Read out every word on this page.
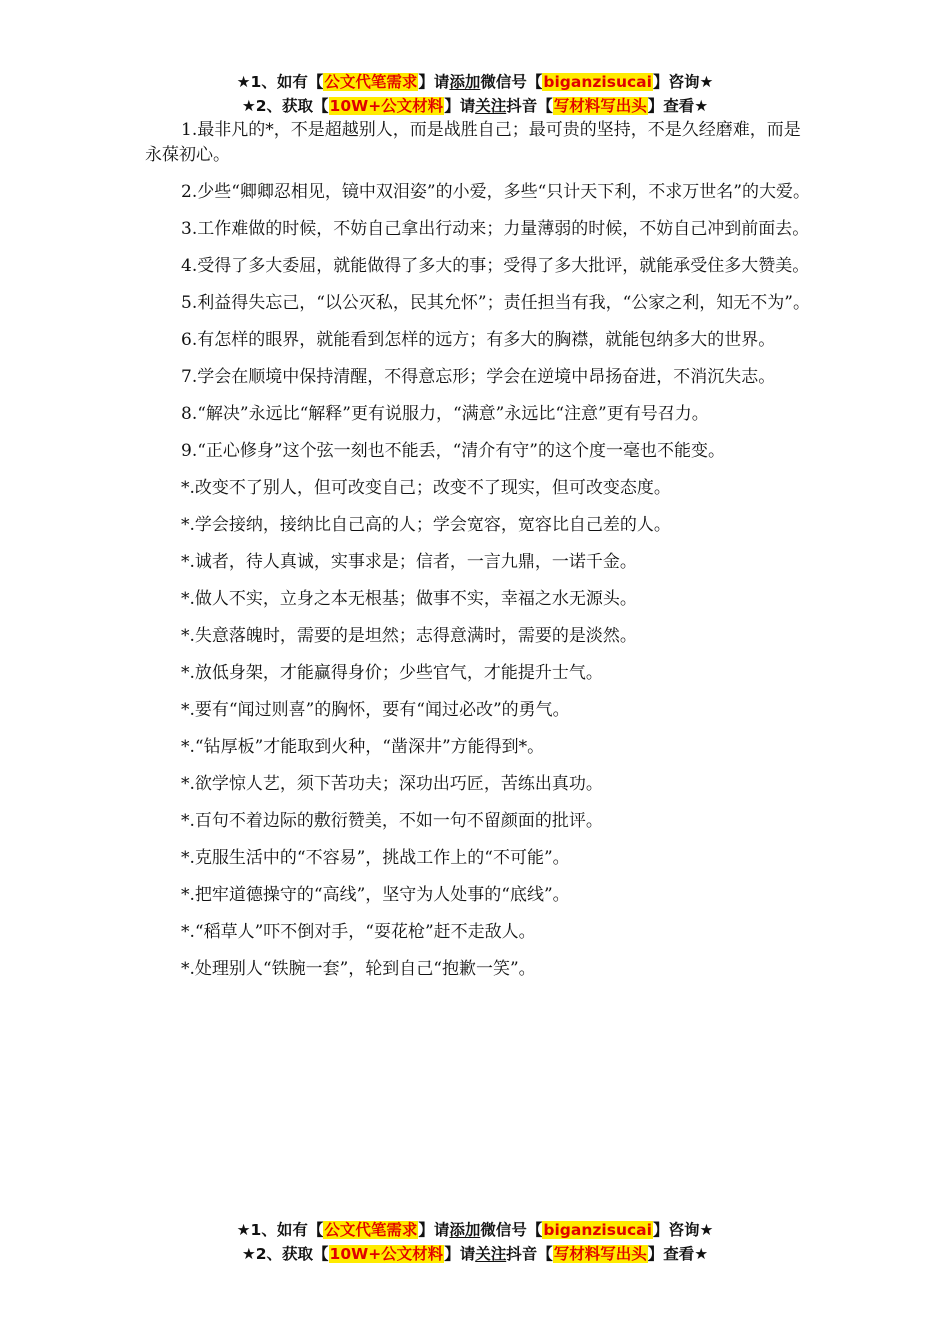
★1、如有【公文代笔需求】请添加微信号【biganzisucai】咨询★
★2、获取【10W+公文材料】请关注抖音【写材料写出头】查看★

1.最非凡的*，不是超越别人，而是战胜自己；最可贵的坚持，不是久经磨难，而是永葆初心。

2.少些“卿卿忍相见，镜中双泪姿”的小爱，多些“只计天下利，不求万世名”的大爱。

3.工作难做的时候，不妨自己拿出行动来；力量薄弱的时候，不妨自己冲到前面去。

4.受得了多大委屈，就能做得了多大的事；受得了多大批评，就能承受住多大赞美。

5.利益得失忘己，“以公灭私，民其允怀”；责任担当有我，“公家之利，知无不为”。

6.有怎样的眼界，就能看到怎样的远方；有多大的胸襟，就能包纳多大的世界。

7.学会在顺境中保持清醒，不得意忘形；学会在逆境中昂扬奋进，不消沉失志。

8.“解决”永远比“解释”更有说服力，“满意”永远比“注意”更有号召力。

9.“正心修身”这个弦一刻也不能丢，“清介有守”的这个度一毫也不能变。

*.改变不了别人，但可改变自己；改变不了现实，但可改变态度。

*.学会接纳，接纳比自己高的人；学会宽容，宽容比自己差的人。

*.诚者，待人真诚，实事求是；信者，一言九鼎，一诺千金。

*.做人不实，立身之本无根基；做事不实，幸福之水无源头。

*.失意落魄时，需要的是坦然；志得意满时，需要的是淡然。

*.放低身架，才能赢得身价；少些官气，才能提升士气。

*.要有“闻过则喜”的胸怀，要有“闻过必改”的勇气。

*.“钻厚板”才能取到火种，“凿深井”方能得到*。

*.欲学惊人艺，须下苦功夫；深功出巧匠，苦练出真功。

*.百句不着边际的敷衍赞美，不如一句不留颜面的批评。

*.克服生活中的“不容易”，挑战工作上的“不可能”。

*.把牢道德操守的“高线”，坚守为人处事的“底线”。

*.“稻草人”吓不倒对手，“耍花枪”赶不走敌人。

*.处理别人“铁腕一套”，轮到自己“抱歉一笑”。

★1、如有【公文代笔需求】请添加微信号【biganzisucai】咨询★
★2、获取【10W+公文材料】请关注抖音【写材料写出头】查看★
